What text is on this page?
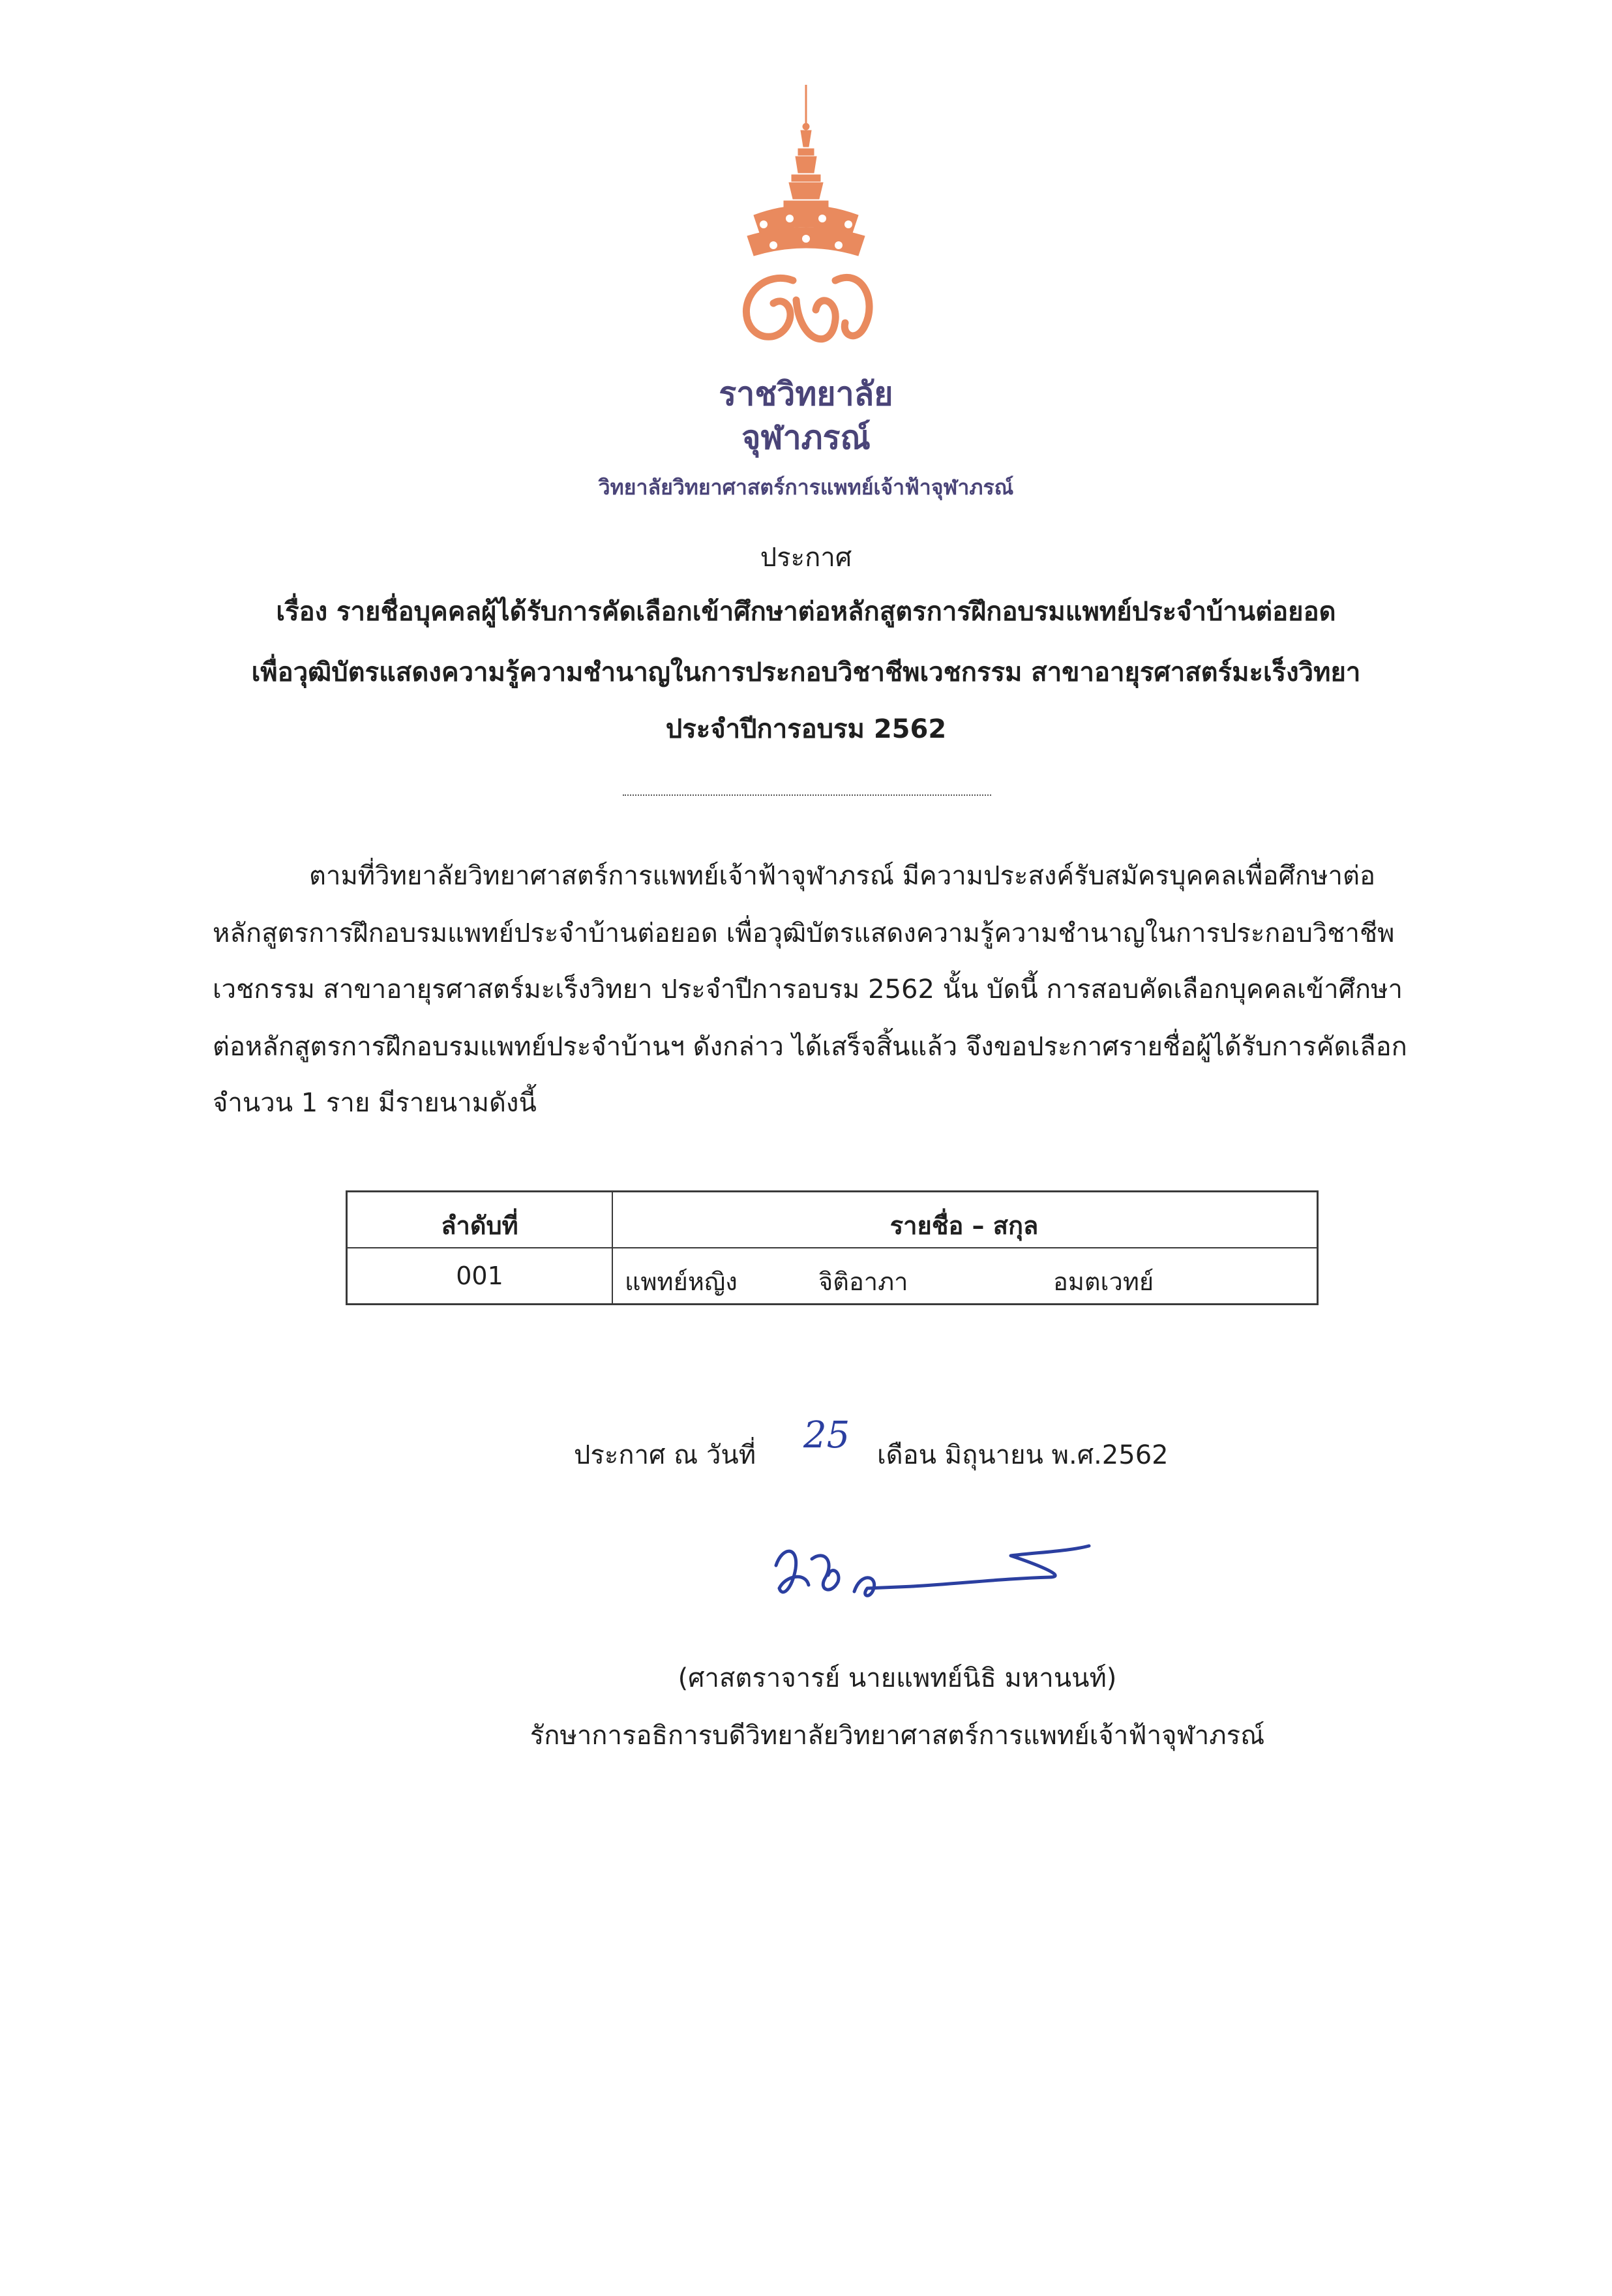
ราชวิทยาลัย
จุฬาภรณ์
วิทยาลัยวิทยาศาสตร์การแพทย์เจ้าฟ้าจุฬาภรณ์
ประกาศ
เรื่อง รายชื่อบุคคลผู้ได้รับการคัดเลือกเข้าศึกษาต่อหลักสูตรการฝึกอบรมแพทย์ประจำบ้านต่อยอด
เพื่อวุฒิบัตรแสดงความรู้ความชำนาญในการประกอบวิชาชีพเวชกรรม สาขาอายุรศาสตร์มะเร็งวิทยา
ประจำปีการอบรม 2562
ตามที่วิทยาลัยวิทยาศาสตร์การแพทย์เจ้าฟ้าจุฬาภรณ์ มีความประสงค์รับสมัครบุคคลเพื่อศึกษาต่อ
หลักสูตรการฝึกอบรมแพทย์ประจำบ้านต่อยอด เพื่อวุฒิบัตรแสดงความรู้ความชำนาญในการประกอบวิชาชีพ
เวชกรรม สาขาอายุรศาสตร์มะเร็งวิทยา ประจำปีการอบรม 2562 นั้น บัดนี้ การสอบคัดเลือกบุคคลเข้าศึกษา
ต่อหลักสูตรการฝึกอบรมแพทย์ประจำบ้านฯ ดังกล่าว ได้เสร็จสิ้นแล้ว จึงขอประกาศรายชื่อผู้ได้รับการคัดเลือก
จำนวน 1 ราย มีรายนามดังนี้
ลำดับที่	รายชื่อ – สกุล
001	แพทย์หญิง	จิติอาภา	อมตเวทย์
ประกาศ ณ วันที่ 25 เดือน มิถุนายน พ.ศ.2562
(ศาสตราจารย์ นายแพทย์นิธิ มหานนท์)
รักษาการอธิการบดีวิทยาลัยวิทยาศาสตร์การแพทย์เจ้าฟ้าจุฬาภรณ์
